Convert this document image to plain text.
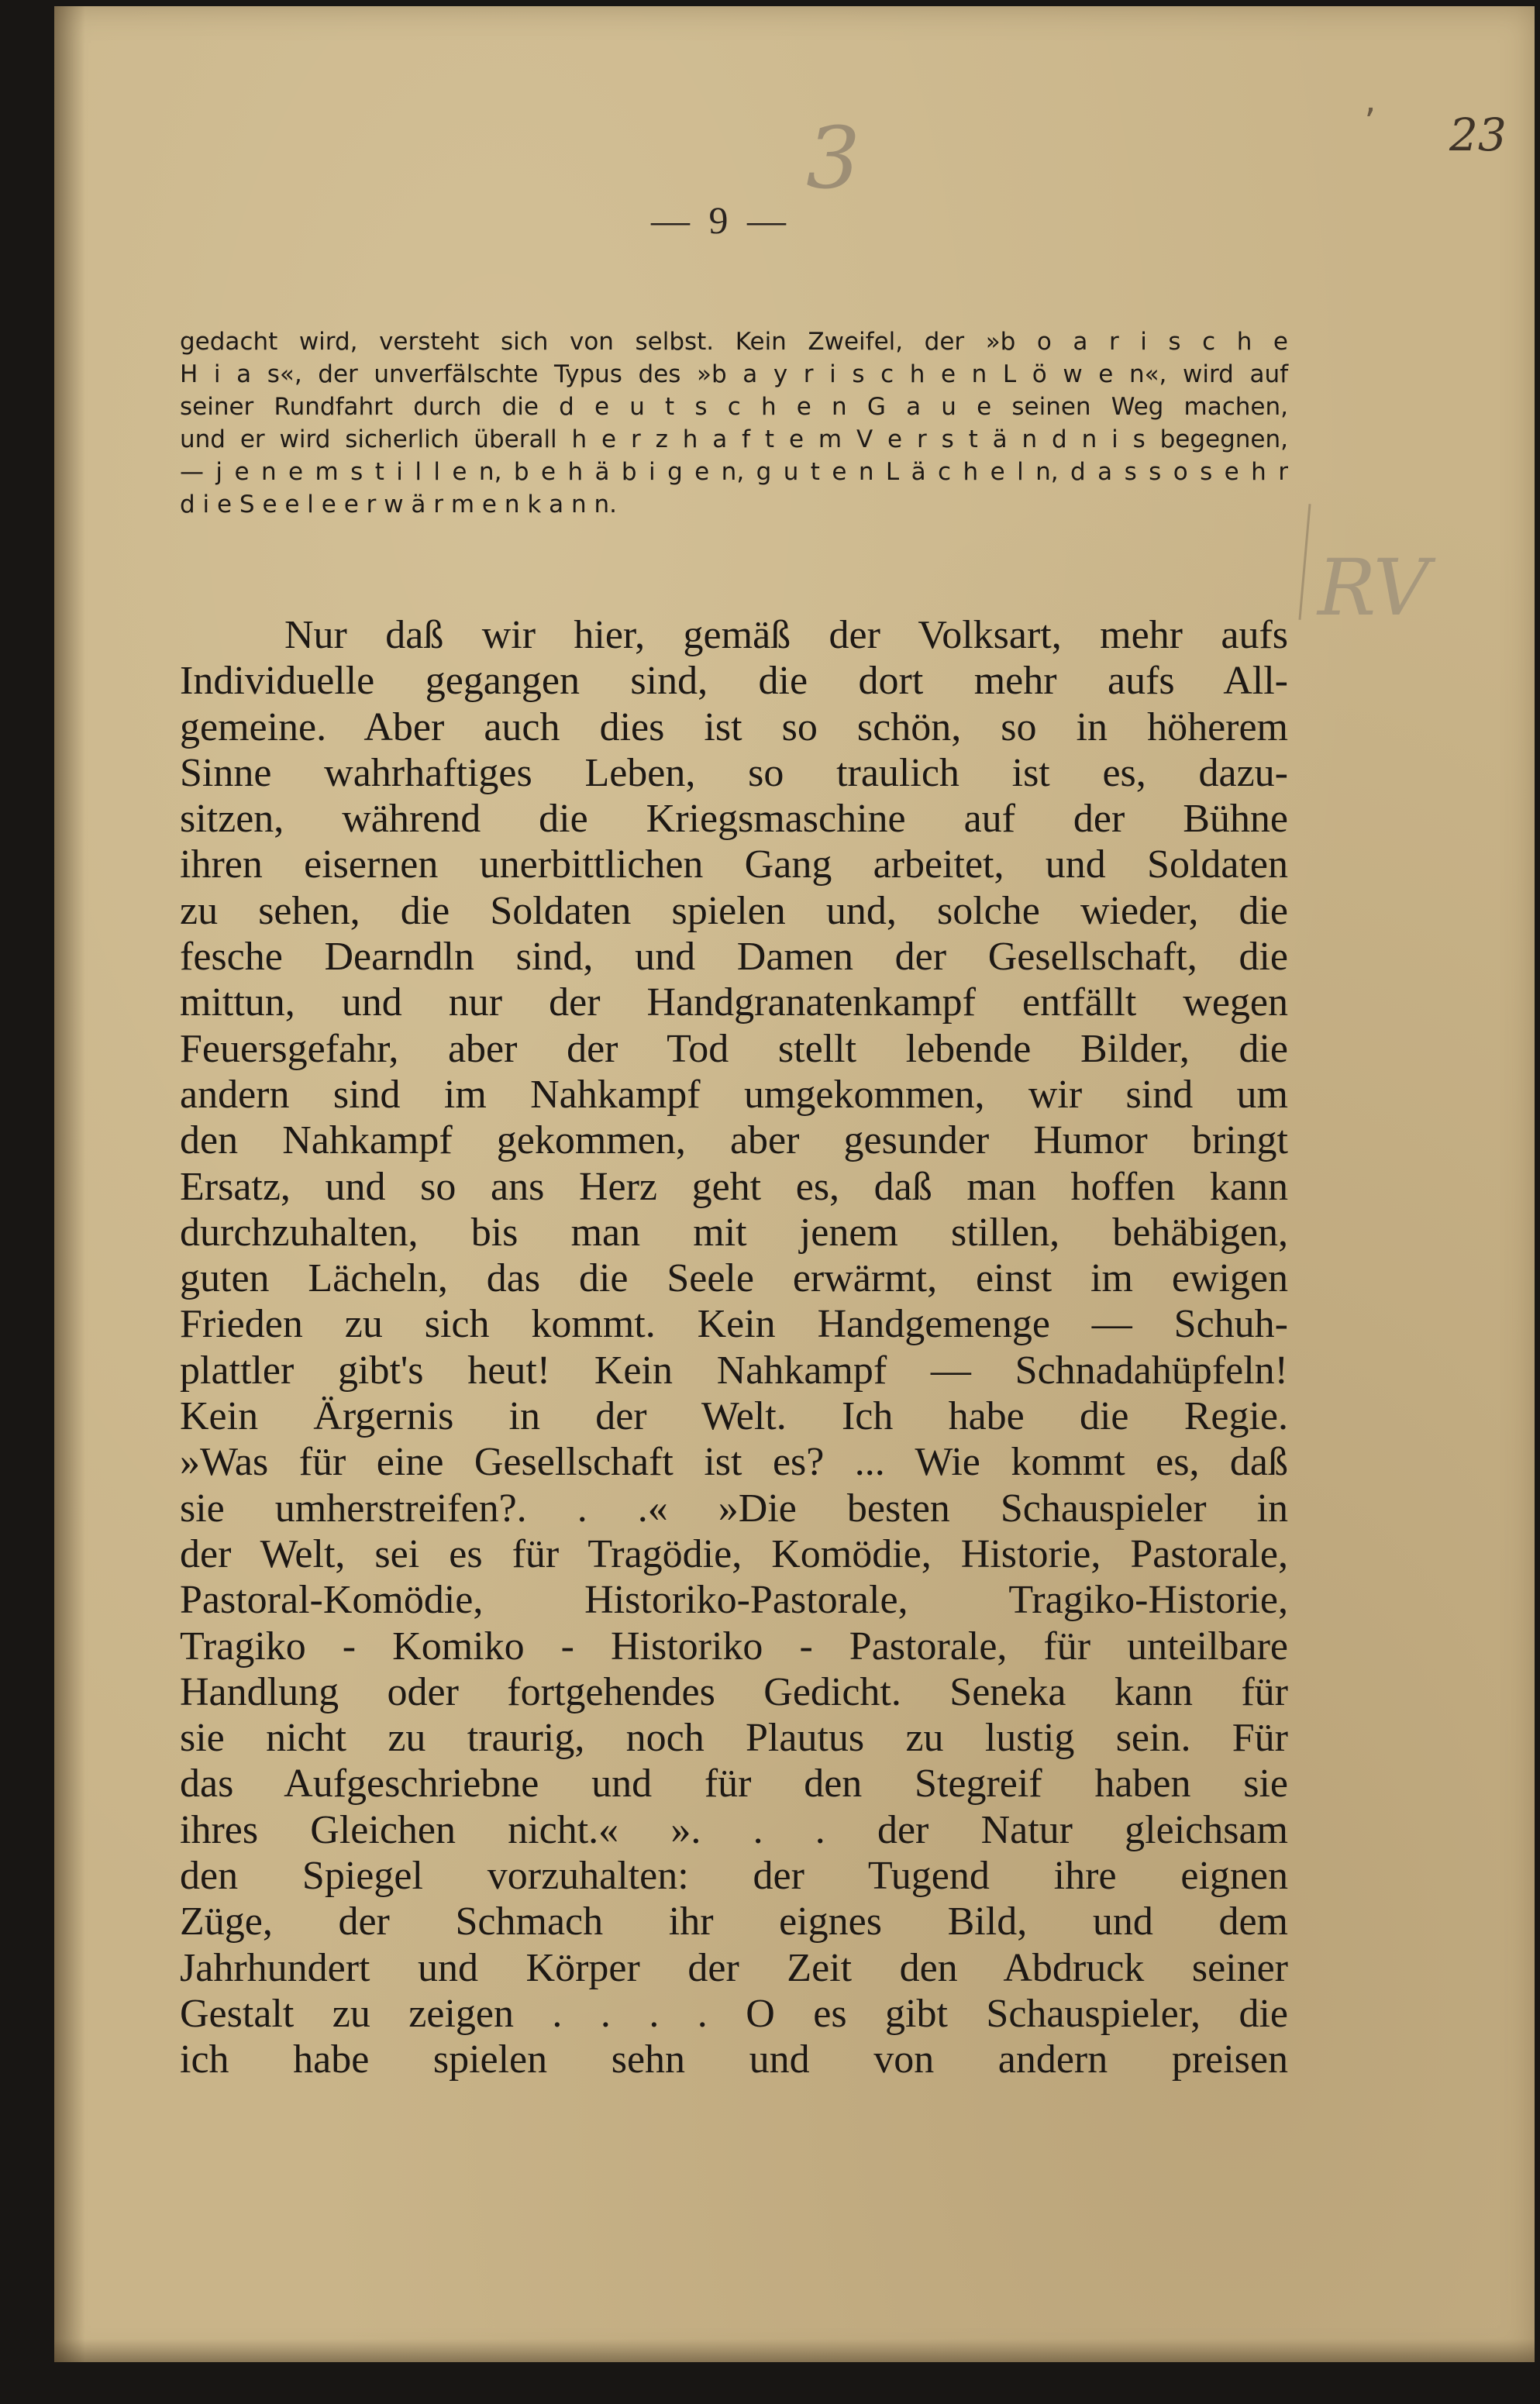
3	ʼ 23
RV
— 9 —
gedacht wird, versteht sich von selbst. Kein Zweifel, der »b o a r i s c h e
H i a s«, der unverfälschte Typus des »b a y r i s c h e n L ö w e n«, wird auf
seiner Rundfahrt durch die d e u t s c h e n G a u e seinen Weg machen,
und er wird sicherlich überall h e r z h a f t e m V e r s t ä n d n i s begegnen,
— j e n e m s t i l l e n, b e h ä b i g e n, g u t e n L ä c h e l n, d a s s o s e h r
d i e S e e l e e r w ä r m e n k a n n.
Nur daß wir hier, gemäß der Volksart, mehr aufs
Individuelle gegangen sind, die dort mehr aufs All-
gemeine. Aber auch dies ist so schön, so in höherem
Sinne wahrhaftiges Leben, so traulich ist es, dazu-
sitzen, während die Kriegsmaschine auf der Bühne
ihren eisernen unerbittlichen Gang arbeitet, und Soldaten
zu sehen, die Soldaten spielen und, solche wieder, die
fesche Dearndln sind, und Damen der Gesellschaft, die
mittun, und nur der Handgranatenkampf entfällt wegen
Feuersgefahr, aber der Tod stellt lebende Bilder, die
andern sind im Nahkampf umgekommen, wir sind um
den Nahkampf gekommen, aber gesunder Humor bringt
Ersatz, und so ans Herz geht es, daß man hoffen kann
durchzuhalten, bis man mit jenem stillen, behäbigen,
guten Lächeln, das die Seele erwärmt, einst im ewigen
Frieden zu sich kommt. Kein Handgemenge — Schuh-
plattler gibt's heut! Kein Nahkampf — Schnadahüpfeln!
Kein Ärgernis in der Welt. Ich habe die Regie.
»Was für eine Gesellschaft ist es? ... Wie kommt es, daß
sie umherstreifen?. . .« »Die besten Schauspieler in
der Welt, sei es für Tragödie, Komödie, Historie, Pastorale,
Pastoral-Komödie, Historiko-Pastorale, Tragiko-Historie,
Tragiko - Komiko - Historiko - Pastorale, für unteilbare
Handlung oder fortgehendes Gedicht. Seneka kann für
sie nicht zu traurig, noch Plautus zu lustig sein. Für
das Aufgeschriebne und für den Stegreif haben sie
ihres Gleichen nicht.« ». . . der Natur gleichsam
den Spiegel vorzuhalten: der Tugend ihre eignen
Züge, der Schmach ihr eignes Bild, und dem
Jahrhundert und Körper der Zeit den Abdruck seiner
Gestalt zu zeigen . . . . O es gibt Schauspieler, die
ich habe spielen sehn und von andern preisen
